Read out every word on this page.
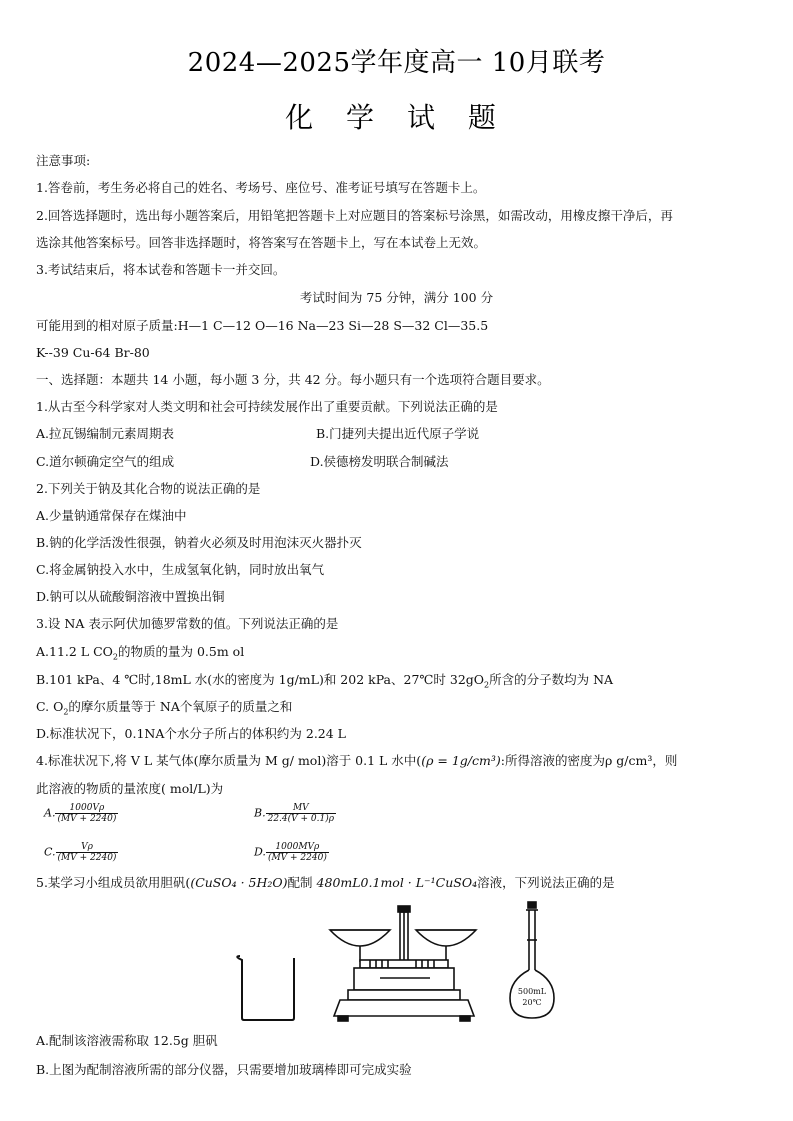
2024—2025学年度高一 10月联考
化 学 试 题
注意事项:
1.答卷前，考生务必将自己的姓名、考场号、座位号、准考证号填写在答题卡上。
2.回答选择题时，选出每小题答案后，用铅笔把答题卡上对应题目的答案标号涂黑，如需改动，用橡皮擦干净后，再
选涂其他答案标号。回答非选择题时，将答案写在答题卡上，写在本试卷上无效。
3.考试结束后，将本试卷和答题卡一并交回。
考试时间为 75 分钟，满分 100 分
可能用到的相对原子质量:H—1 C—12 O—16 Na—23 Si—28 S—32 Cl—35.5
K--39 Cu-64 Br-80
一、选择题：本题共 14 小题，每小题 3 分，共 42 分。每小题只有一个选项符合题目要求。
1.从古至今科学家对人类文明和社会可持续发展作出了重要贡献。下列说法正确的是
A.拉瓦锡编制元素周期表	B.门捷列夫提出近代原子学说
C.道尔顿确定空气的组成	D.侯德榜发明联合制碱法
2.下列关于钠及其化合物的说法正确的是
A.少量钠通常保存在煤油中
B.钠的化学活泼性很强，钠着火必须及时用泡沫灭火器扑灭
C.将金属钠投入水中，生成氢氧化钠，同时放出氧气
D.钠可以从硫酸铜溶液中置换出铜
3.设 NA 表示阿伏加德罗常数的值。下列说法正确的是
A.11.2 L $CO_2$的物质的量为 0.5m ol
B.101 kPa、4 ℃时,18mL 水(水的密度为 1g/mL)和 202 kPa、27℃时 $32gO_2$所含的分子数均为 NA
C. $O_2$的摩尔质量等于 NA个氧原子的质量之和
D.标准状况下，0.1NA个水分子所占的体积约为 2.24 L
4.标准状况下,将 V L 某气体(摩尔质量为 M g/ mol)溶于 0.1 L 水中((ρ = 1g/cm³):所得溶液的密度为ρ g/cm³，则
此溶液的物质的量浓度( mol/L)为
A. $\frac{1000V\rho}{(MV + 2240)}$	B. $\frac{MV}{22.4(V + 0.1)\rho}$
C. $\frac{V\rho}{(MV + 2240)}$	D. $\frac{\text{1000MVρ}}{(MV + 2240)}$
5.某学习小组成员欲用胆矾((CuSO₄ · 5H₂O)配制 480mL0.1mol · L⁻¹CuSO₄溶液，下列说法正确的是
500mL
20℃
A.配制该溶液需称取 12.5g 胆矾
B.上图为配制溶液所需的部分仪器，只需要增加玻璃棒即可完成实验
